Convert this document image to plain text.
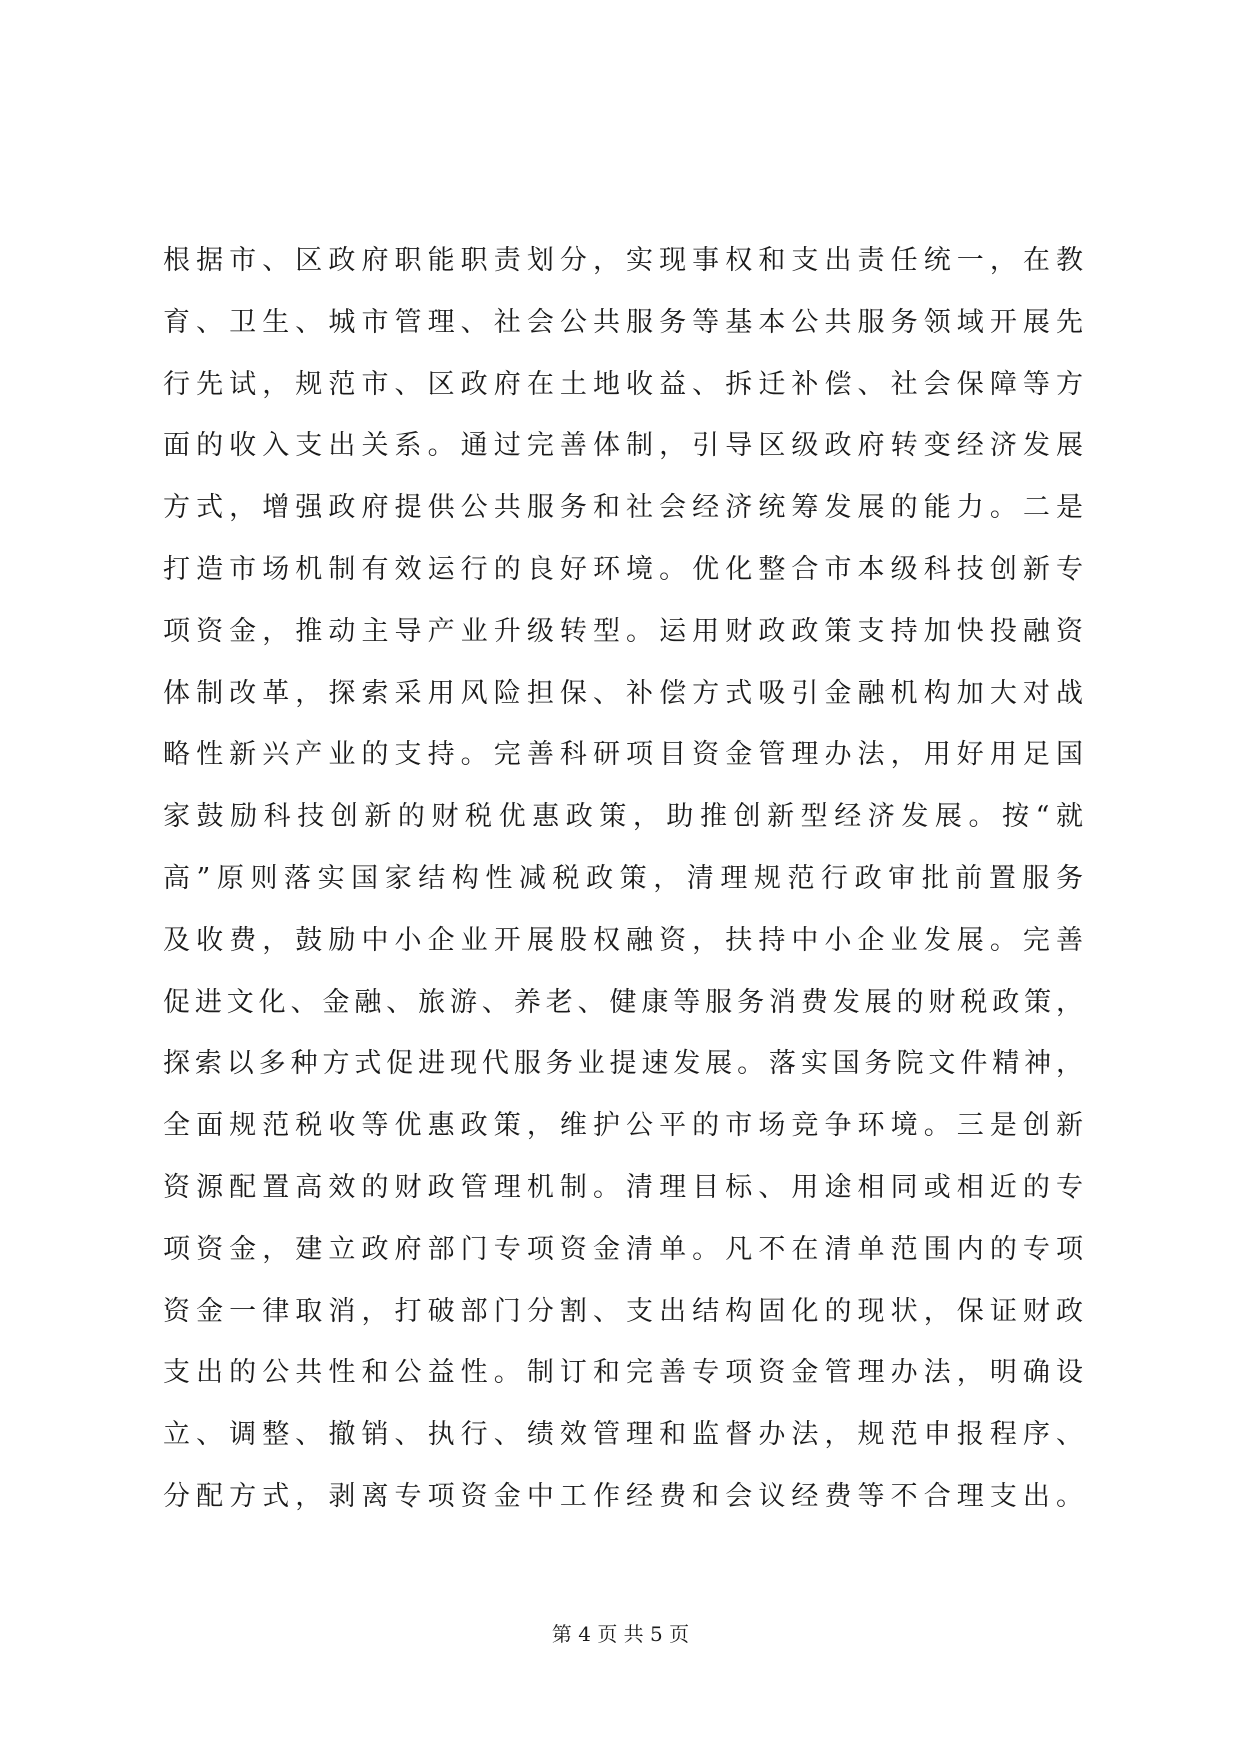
根据市、区政府职能职责划分，实现事权和支出责任统一，在教
育、卫生、城市管理、社会公共服务等基本公共服务领域开展先
行先试，规范市、区政府在土地收益、拆迁补偿、社会保障等方
面的收入支出关系。通过完善体制，引导区级政府转变经济发展
方式，增强政府提供公共服务和社会经济统筹发展的能力。二是
打造市场机制有效运行的良好环境。优化整合市本级科技创新专
项资金，推动主导产业升级转型。运用财政政策支持加快投融资
体制改革，探索采用风险担保、补偿方式吸引金融机构加大对战
略性新兴产业的支持。完善科研项目资金管理办法，用好用足国
家鼓励科技创新的财税优惠政策，助推创新型经济发展。按“就
高”原则落实国家结构性减税政策，清理规范行政审批前置服务
及收费，鼓励中小企业开展股权融资，扶持中小企业发展。完善
促进文化、金融、旅游、养老、健康等服务消费发展的财税政策，
探索以多种方式促进现代服务业提速发展。落实国务院文件精神，
全面规范税收等优惠政策，维护公平的市场竞争环境。三是创新
资源配置高效的财政管理机制。清理目标、用途相同或相近的专
项资金，建立政府部门专项资金清单。凡不在清单范围内的专项
资金一律取消，打破部门分割、支出结构固化的现状，保证财政
支出的公共性和公益性。制订和完善专项资金管理办法，明确设
立、调整、撤销、执行、绩效管理和监督办法，规范申报程序、
分配方式，剥离专项资金中工作经费和会议经费等不合理支出。
第 4 页 共 5 页
